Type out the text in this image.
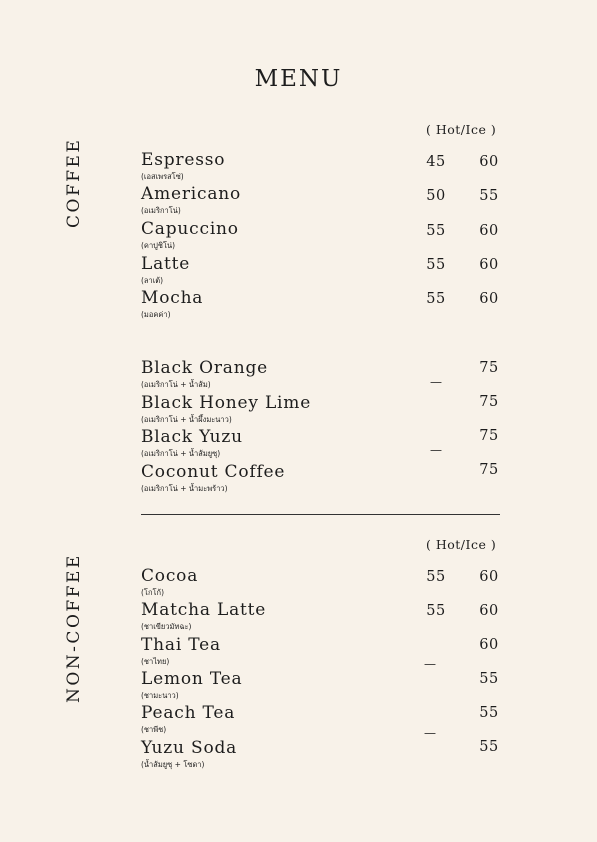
MENU
COFFEE
( Hot/Ice )
Espresso
(เอสเพรสโซ่)
45 60
Americano
(อเมริกาโน่)
50 55
Capuccino
(คาปูชิโน่)
55 60
Latte
(ลาเต้)
55 60
Mocha
(มอคค่า)
55 60
Black Orange
(อเมริกาโน่ + น้ำส้ม)
75
—
Black Honey Lime
(อเมริกาโน่ + น้ำผึ้งมะนาว)
75
Black Yuzu
(อเมริกาโน่ + น้ำส้มยูซุ)
75
—
Coconut Coffee
(อเมริกาโน่ + น้ำมะพร้าว)
75
NON-COFFEE
( Hot/Ice )
Cocoa
(โกโก้)
55 60
Matcha Latte
(ชาเขียวมัทฉะ)
55 60
Thai Tea
(ชาไทย)
60
—
Lemon Tea
(ชามะนาว)
55
Peach Tea
(ชาพีช)
55
—
Yuzu Soda
(น้ำส้มยูซุ + โซดา)
55
